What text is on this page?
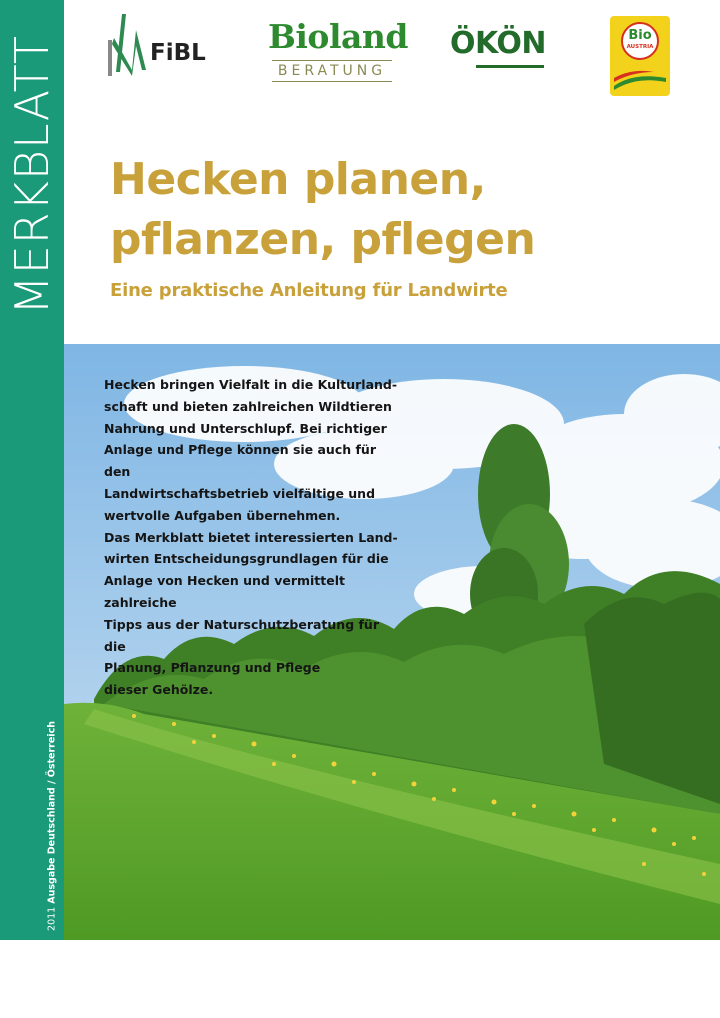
MERKBLATT
2011 Ausgabe Deutschland / Österreich
FiBL Bioland
BERATUNG
ÖKÖN	Bio
AUSTRIA
Hecken planen,
pflanzen, pflegen
Eine praktische Anleitung für Landwirte

Hecken bringen Vielfalt in die Kulturland-

schaft und bieten zahlreichen Wildtieren

Nahrung und Unterschlupf. Bei richtiger

Anlage und Pflege können sie auch für den

Landwirtschaftsbetrieb vielfältige und

wertvolle Aufgaben übernehmen.

Das Merkblatt bietet interessierten Land-

wirten Entscheidungsgrundlagen für die

Anlage von Hecken und vermittelt zahlreiche

Tipps aus der Naturschutzberatung für die

Planung, Pflanzung und Pflege

dieser Gehölze.
